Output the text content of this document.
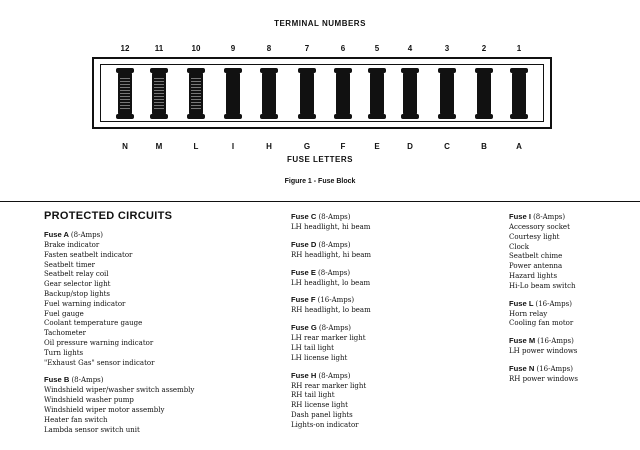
TERMINAL NUMBERS
12	11	10	9	8	7	6	5	4	3	2	1
N	M	L	I	H	G	F	E	D	C	B	A
FUSE LETTERS
Figure 1 - Fuse Block
PROTECTED CIRCUITS
Fuse A (8-Amps)
Brake indicator
Fasten seatbelt indicator
Seatbelt timer
Seatbelt relay coil
Gear selector light
Backup/stop lights
Fuel warning indicator
Fuel gauge
Coolant temperature gauge
Tachometer
Oil pressure warning indicator
Turn lights
"Exhaust Gas" sensor indicator
Fuse B (8-Amps)
Windshield wiper/washer switch assembly
Windshield washer pump
Windshield wiper motor assembly
Heater fan switch
Lambda sensor switch unit
Fuse C (8-Amps)
LH headlight, hi beam
Fuse D (8-Amps)
RH headlight, hi beam
Fuse E (8-Amps)
LH headlight, lo beam
Fuse F (16-Amps)
RH headlight, lo beam
Fuse G (8-Amps)
LH rear marker light
LH tail light
LH license light
Fuse H (8-Amps)
RH rear marker light
RH tail light
RH license light
Dash panel lights
Lights-on indicator
Fuse I (8-Amps)
Accessory socket
Courtesy light
Clock
Seatbelt chime
Power antenna
Hazard lights
Hi-Lo beam switch
Fuse L (16-Amps)
Horn relay
Cooling fan motor
Fuse M (16-Amps)
LH power windows
Fuse N (16-Amps)
RH power windows
